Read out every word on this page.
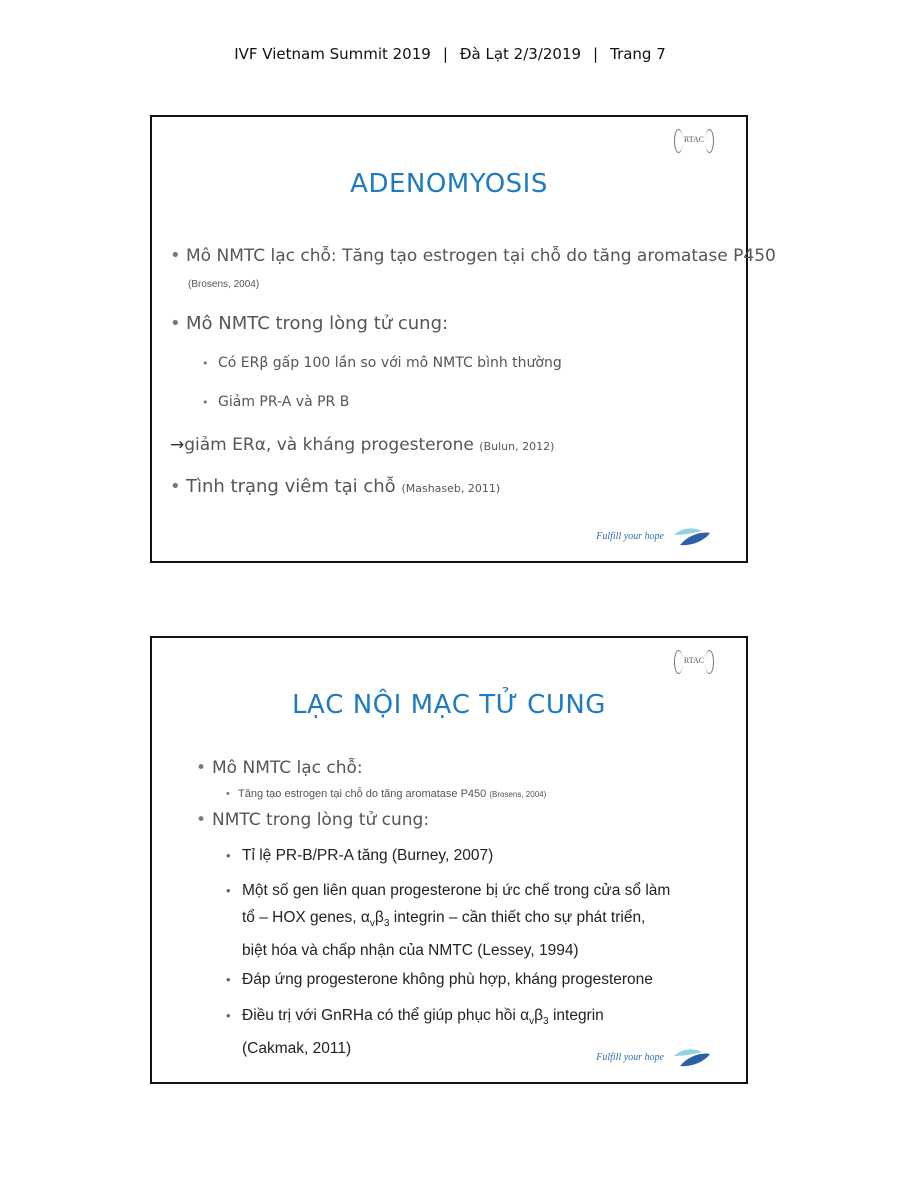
IVF Vietnam Summit 2019 | Đà Lạt 2/3/2019 | Trang 7
RTAC
ADENOMYOSIS
• Mô NMTC lạc chỗ: Tăng tạo estrogen tại chỗ do tăng aromatase P450
(Brosens, 2004)
• Mô NMTC trong lòng tử cung:
• Có ERβ gấp 100 lần so với mô NMTC bình thường
• Giảm PR-A và PR B
→giảm ERα, và kháng progesterone (Bulun, 2012)
• Tình trạng viêm tại chỗ (Mashaseb, 2011)
Fulfill your hope
RTAC
LẠC NỘI MẠC TỬ CUNG
• Mô NMTC lạc chỗ:
• Tăng tạo estrogen tại chỗ do tăng aromatase P450 (Brosens, 2004)
• NMTC trong lòng tử cung:
• Tỉ lệ PR-B/PR-A tăng (Burney, 2007)
• Một số gen liên quan progesterone bị ức chế trong cửa sổ làm
tổ – HOX genes, $\alpha_v\beta_3$ integrin – cần thiết cho sự phát triển,
biệt hóa và chấp nhận của NMTC (Lessey, 1994)
• Đáp ứng progesterone không phù hợp, kháng progesterone
• Điều trị với GnRHa có thể giúp phục hồi $\alpha_v\beta_3$ integrin
(Cakmak, 2011)	Fulfill your hope
